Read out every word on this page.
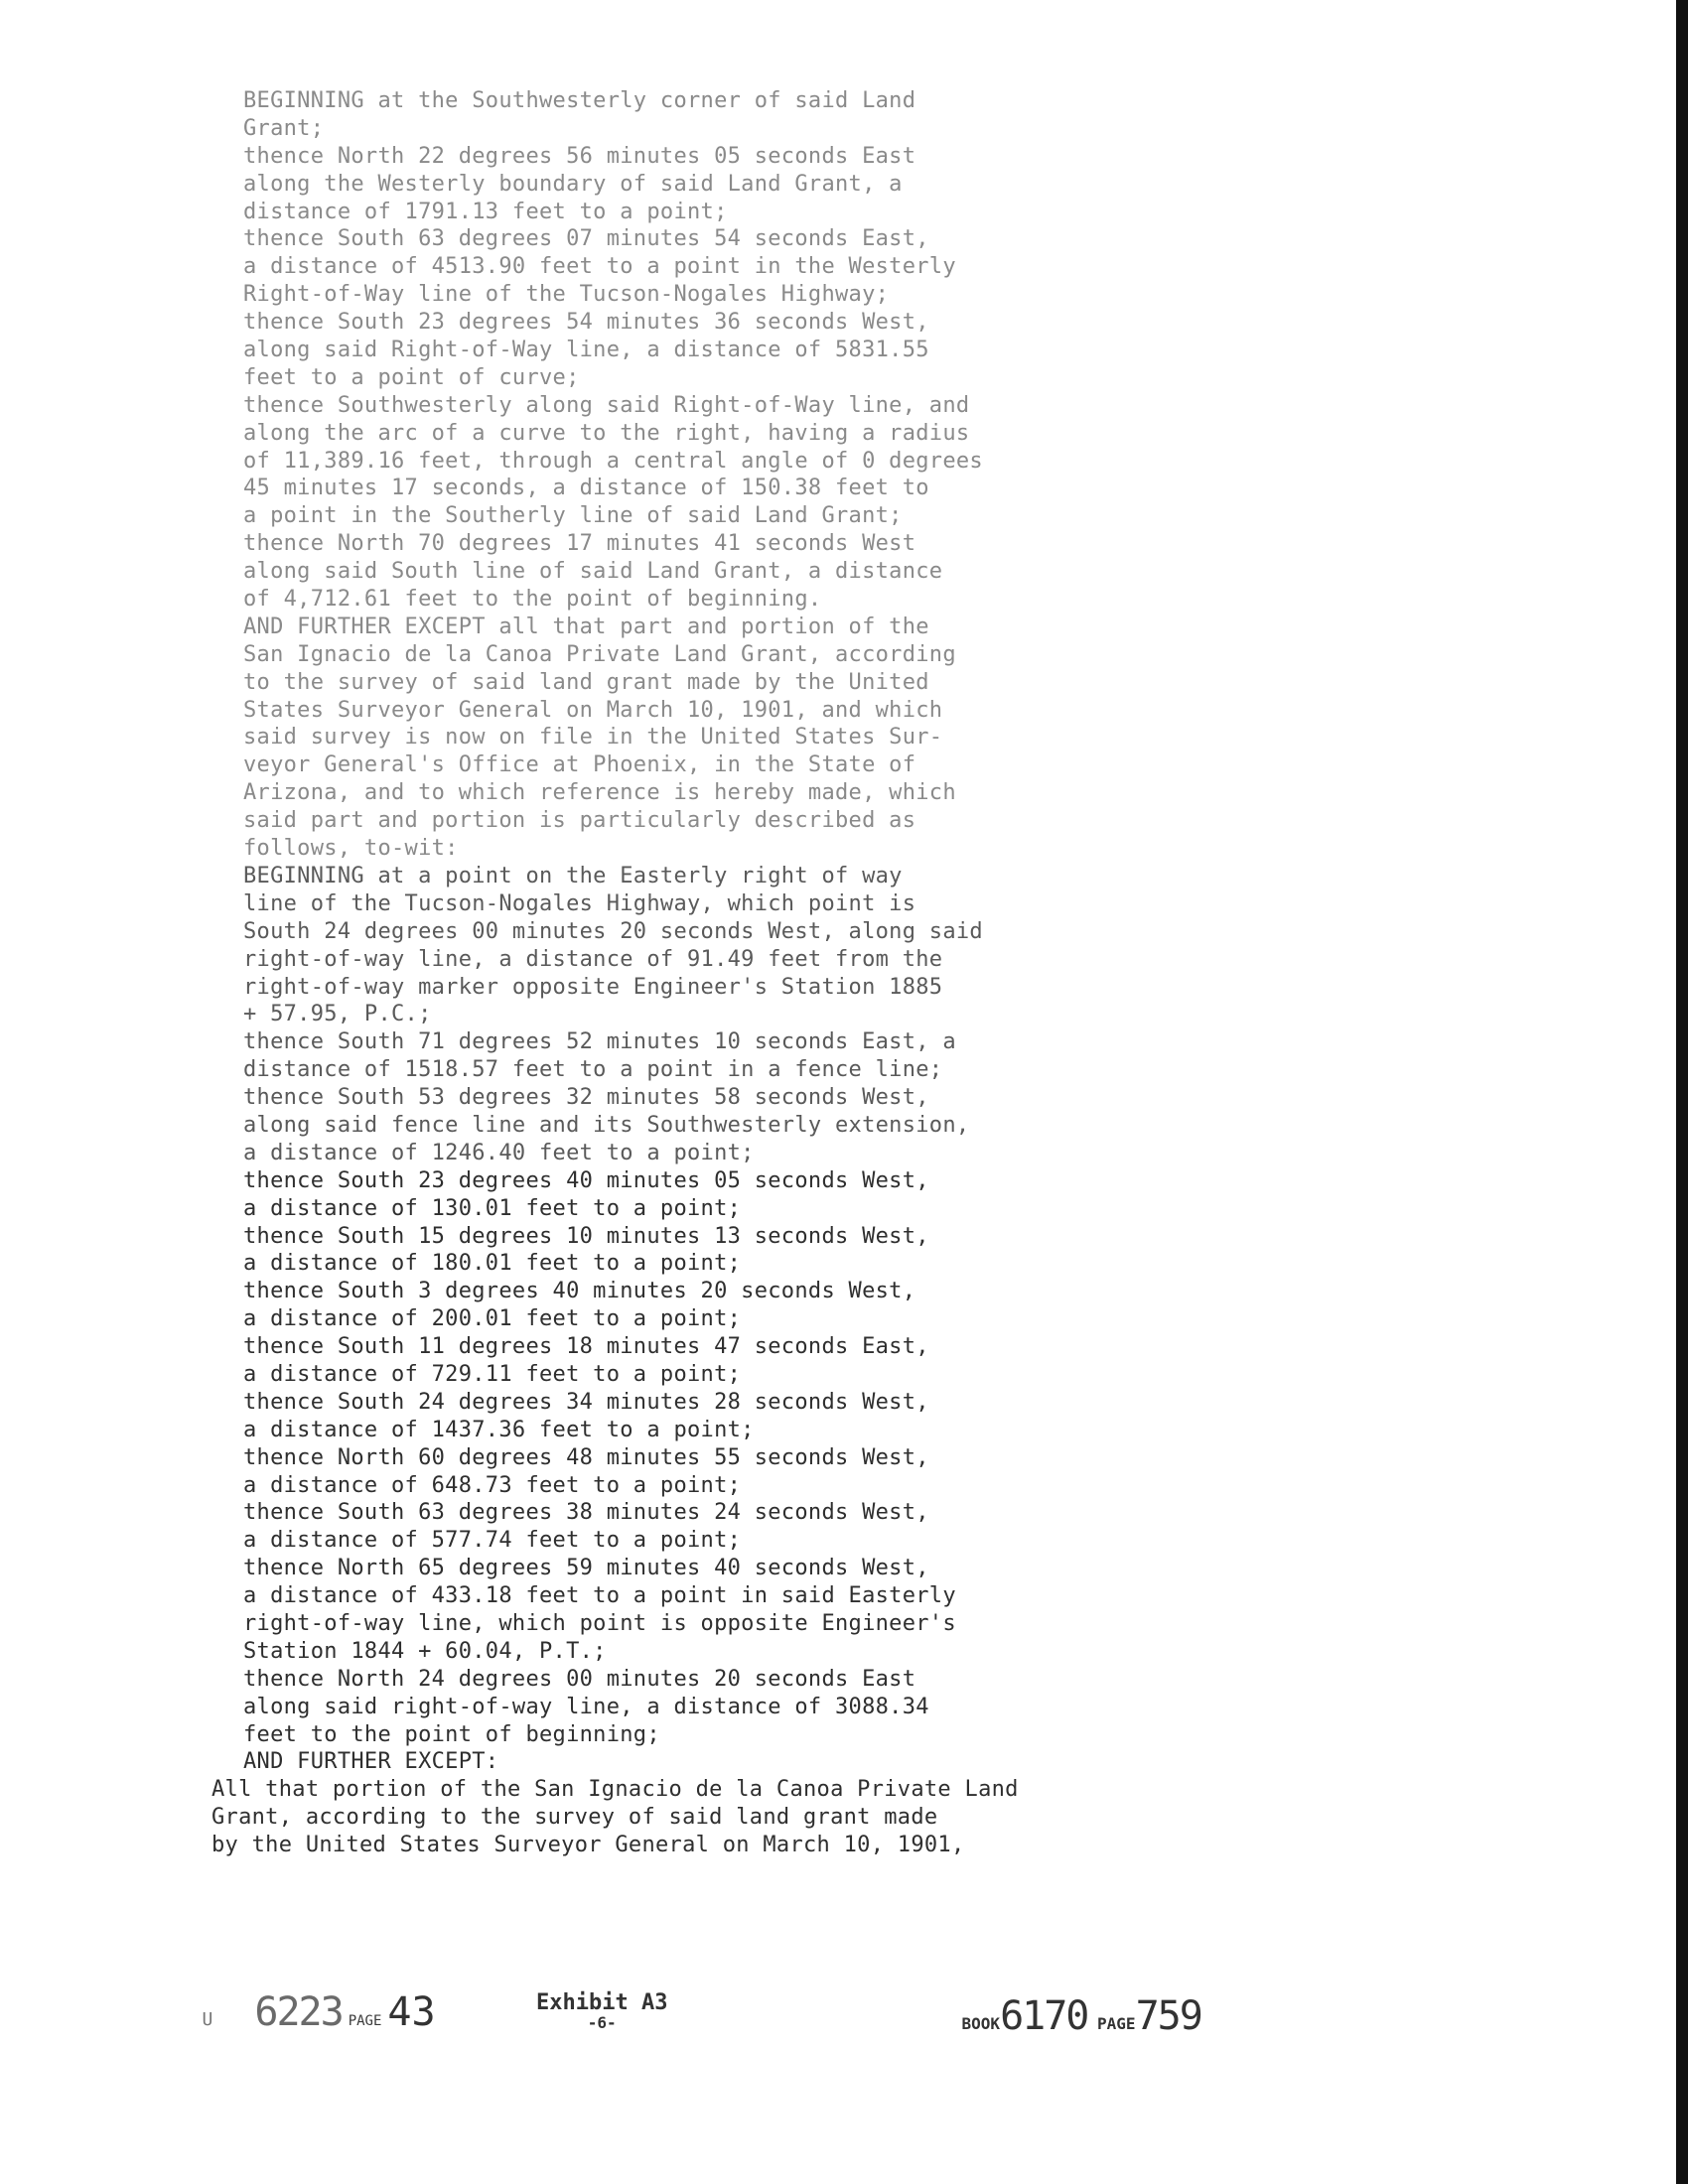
BEGINNING at the Southwesterly corner of said Land
Grant;
thence North 22 degrees 56 minutes 05 seconds East
along the Westerly boundary of said Land Grant, a
distance of 1791.13 feet to a point;
thence South 63 degrees 07 minutes 54 seconds East,
a distance of 4513.90 feet to a point in the Westerly
Right-of-Way line of the Tucson-Nogales Highway;
thence South 23 degrees 54 minutes 36 seconds West,
along said Right-of-Way line, a distance of 5831.55
feet to a point of curve;
thence Southwesterly along said Right-of-Way line, and
along the arc of a curve to the right, having a radius
of 11,389.16 feet, through a central angle of 0 degrees
45 minutes 17 seconds, a distance of 150.38 feet to
a point in the Southerly line of said Land Grant;
thence North 70 degrees 17 minutes 41 seconds West
along said South line of said Land Grant, a distance
of 4,712.61 feet to the point of beginning.
AND FURTHER EXCEPT all that part and portion of the
San Ignacio de la Canoa Private Land Grant, according
to the survey of said land grant made by the United
States Surveyor General on March 10, 1901, and which
said survey is now on file in the United States Sur-
veyor General's Office at Phoenix, in the State of
Arizona, and to which reference is hereby made, which
said part and portion is particularly described as
follows, to-wit:
BEGINNING at a point on the Easterly right of way
line of the Tucson-Nogales Highway, which point is
South 24 degrees 00 minutes 20 seconds West, along said
right-of-way line, a distance of 91.49 feet from the
right-of-way marker opposite Engineer's Station 1885
+ 57.95, P.C.;
thence South 71 degrees 52 minutes 10 seconds East, a
distance of 1518.57 feet to a point in a fence line;
thence South 53 degrees 32 minutes 58 seconds West,
along said fence line and its Southwesterly extension,
a distance of 1246.40 feet to a point;
thence South 23 degrees 40 minutes 05 seconds West,
a distance of 130.01 feet to a point;
thence South 15 degrees 10 minutes 13 seconds West,
a distance of 180.01 feet to a point;
thence South 3 degrees 40 minutes 20 seconds West,
a distance of 200.01 feet to a point;
thence South 11 degrees 18 minutes 47 seconds East,
a distance of 729.11 feet to a point;
thence South 24 degrees 34 minutes 28 seconds West,
a distance of 1437.36 feet to a point;
thence North 60 degrees 48 minutes 55 seconds West,
a distance of 648.73 feet to a point;
thence South 63 degrees 38 minutes 24 seconds West,
a distance of 577.74 feet to a point;
thence North 65 degrees 59 minutes 40 seconds West,
a distance of 433.18 feet to a point in said Easterly
right-of-way line, which point is opposite Engineer's
Station 1844 + 60.04, P.T.;
thence North 24 degrees 00 minutes 20 seconds East
along said right-of-way line, a distance of 3088.34
feet to the point of beginning;
AND FURTHER EXCEPT:
All that portion of the San Ignacio de la Canoa Private Land
Grant, according to the survey of said land grant made
by the United States Surveyor General on March 10, 1901,

U 6223 PAGE 43
	Exhibit A3
-6-	BOOK6170 PAGE759
